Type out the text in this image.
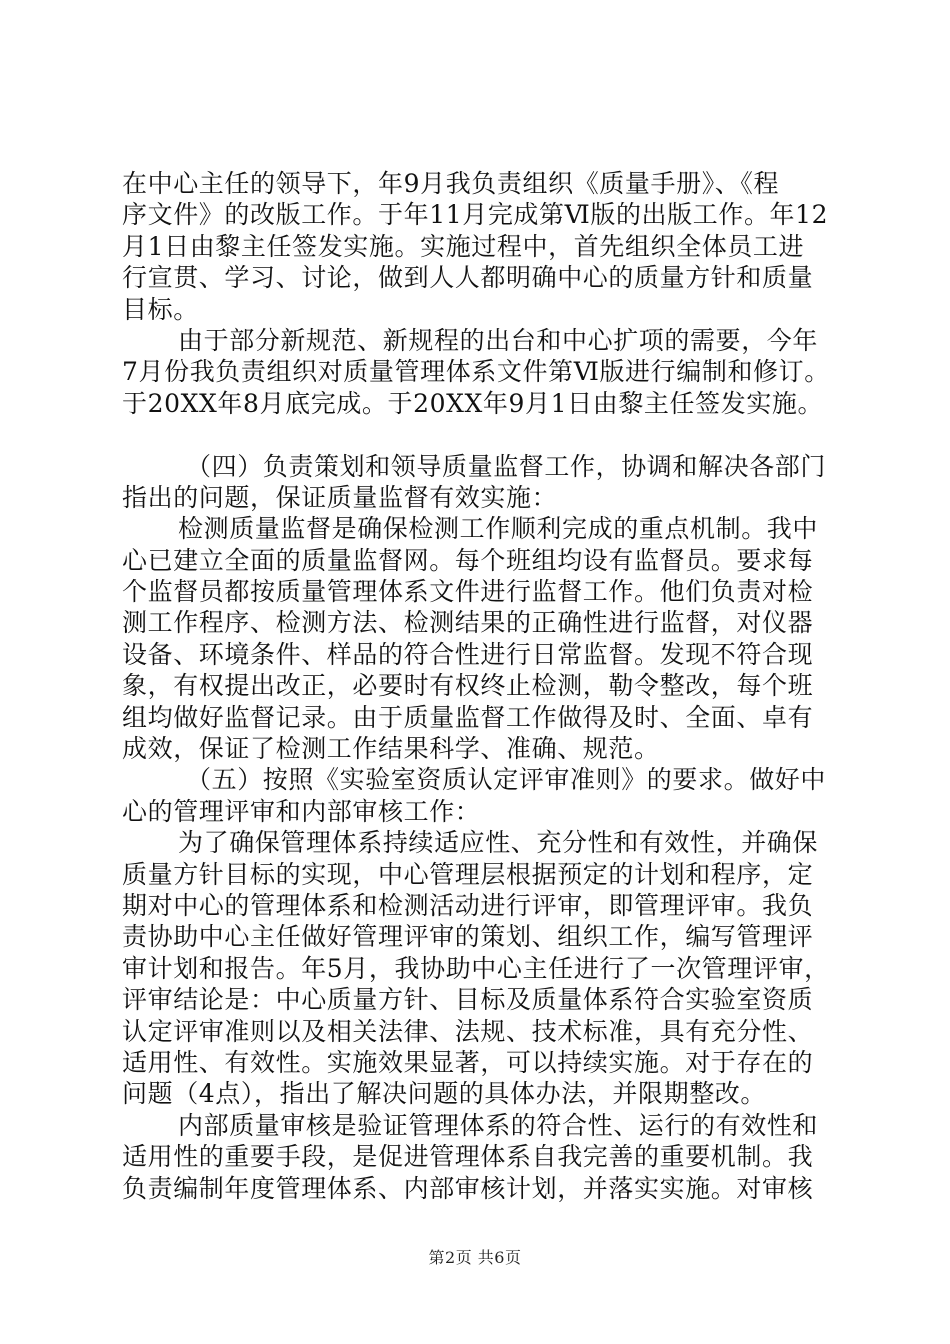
在中心主任的领导下，年9月我负责组织《质量手册》、《程
序文件》的改版工作。于年11月完成第Ⅵ版的出版工作。年12
月1日由黎主任签发实施。实施过程中，首先组织全体员工进
行宣贯、学习、讨论，做到人人都明确中心的质量方针和质量
目标。
由于部分新规范、新规程的出台和中心扩项的需要，今年
7月份我负责组织对质量管理体系文件第Ⅵ版进行编制和修订。
于20XX年8月底完成。于20XX年9月1日由黎主任签发实施。
（四）负责策划和领导质量监督工作，协调和解决各部门
指出的问题，保证质量监督有效实施：
检测质量监督是确保检测工作顺利完成的重点机制。我中
心已建立全面的质量监督网。每个班组均设有监督员。要求每
个监督员都按质量管理体系文件进行监督工作。他们负责对检
测工作程序、检测方法、检测结果的正确性进行监督，对仪器
设备、环境条件、样品的符合性进行日常监督。发现不符合现
象，有权提出改正，必要时有权终止检测，勒令整改，每个班
组均做好监督记录。由于质量监督工作做得及时、全面、卓有
成效，保证了检测工作结果科学、准确、规范。
（五）按照《实验室资质认定评审准则》的要求。做好中
心的管理评审和内部审核工作：
为了确保管理体系持续适应性、充分性和有效性，并确保
质量方针目标的实现，中心管理层根据预定的计划和程序，定
期对中心的管理体系和检测活动进行评审，即管理评审。我负
责协助中心主任做好管理评审的策划、组织工作，编写管理评
审计划和报告。年5月，我协助中心主任进行了一次管理评审，
评审结论是：中心质量方针、目标及质量体系符合实验室资质
认定评审准则以及相关法律、法规、技术标准，具有充分性、
适用性、有效性。实施效果显著，可以持续实施。对于存在的
问题（4点），指出了解决问题的具体办法，并限期整改。
内部质量审核是验证管理体系的符合性、运行的有效性和
适用性的重要手段，是促进管理体系自我完善的重要机制。我
负责编制年度管理体系、内部审核计划，并落实实施。对审核
第2页 共6页
